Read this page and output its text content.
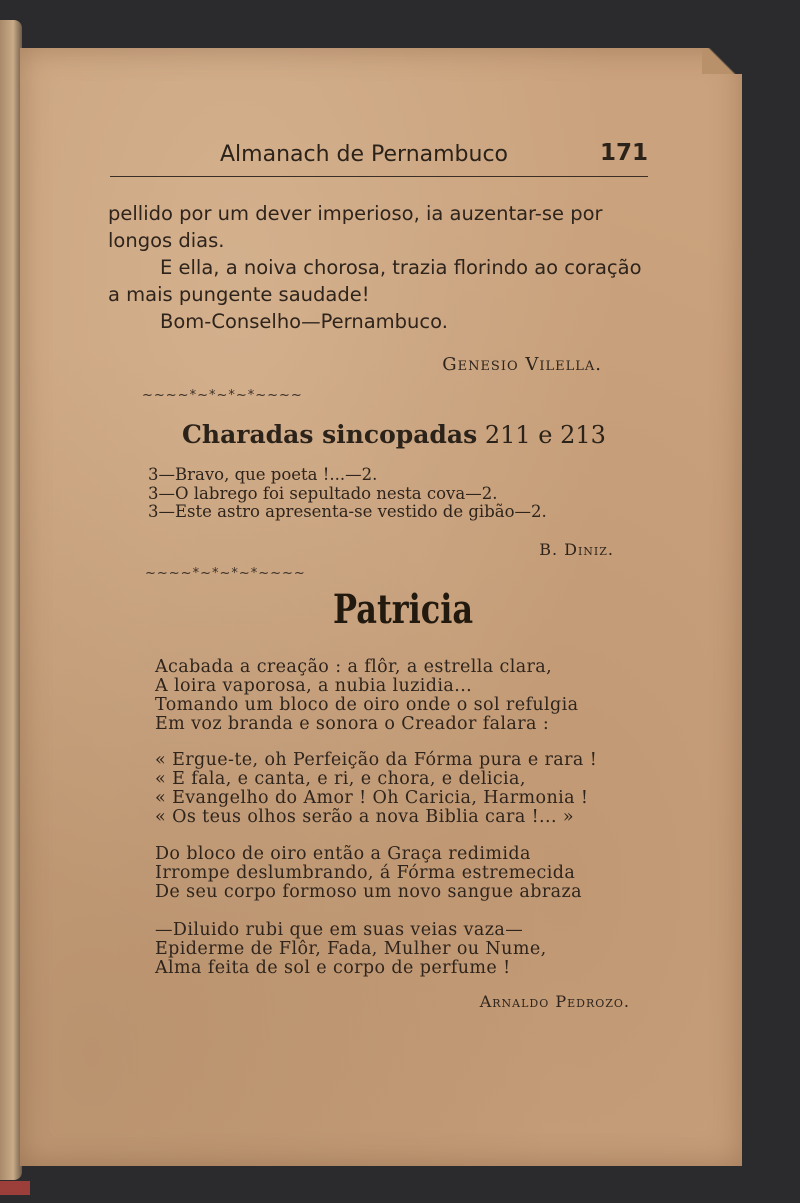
Almanach de Pernambuco	171

pellido por um dever imperioso, ia auzentar-se por longos dias.

E ella, a noiva chorosa, trazia florindo ao coração a mais pungente saudade!

Bom-Conselho—Pernambuco.

Genesio Vilella.
~~~~*~*~*~*~~~~
Charadas sincopadas 211 e 213
3—Bravo, que poeta !...—2.
3—O labrego foi sepultado nesta cova—2.
3—Este astro apresenta-se vestido de gibão—2.
B. Diniz.
~~~~*~*~*~*~~~~
Patricia
Acabada a creação : a flôr, a estrella clara,
A loira vaporosa, a nubia luzidia...
Tomando um bloco de oiro onde o sol refulgia
Em voz branda e sonora o Creador falara :
« Ergue-te, oh Perfeição da Fórma pura e rara !
« E fala, e canta, e ri, e chora, e delicia,
« Evangelho do Amor ! Oh Caricia, Harmonia !
« Os teus olhos serão a nova Biblia cara !... »
Do bloco de oiro então a Graça redimida
Irrompe deslumbrando, á Fórma estremecida
De seu corpo formoso um novo sangue abraza
—Diluido rubi que em suas veias vaza—
Epiderme de Flôr, Fada, Mulher ou Nume,
Alma feita de sol e corpo de perfume !
Arnaldo Pedrozo.
